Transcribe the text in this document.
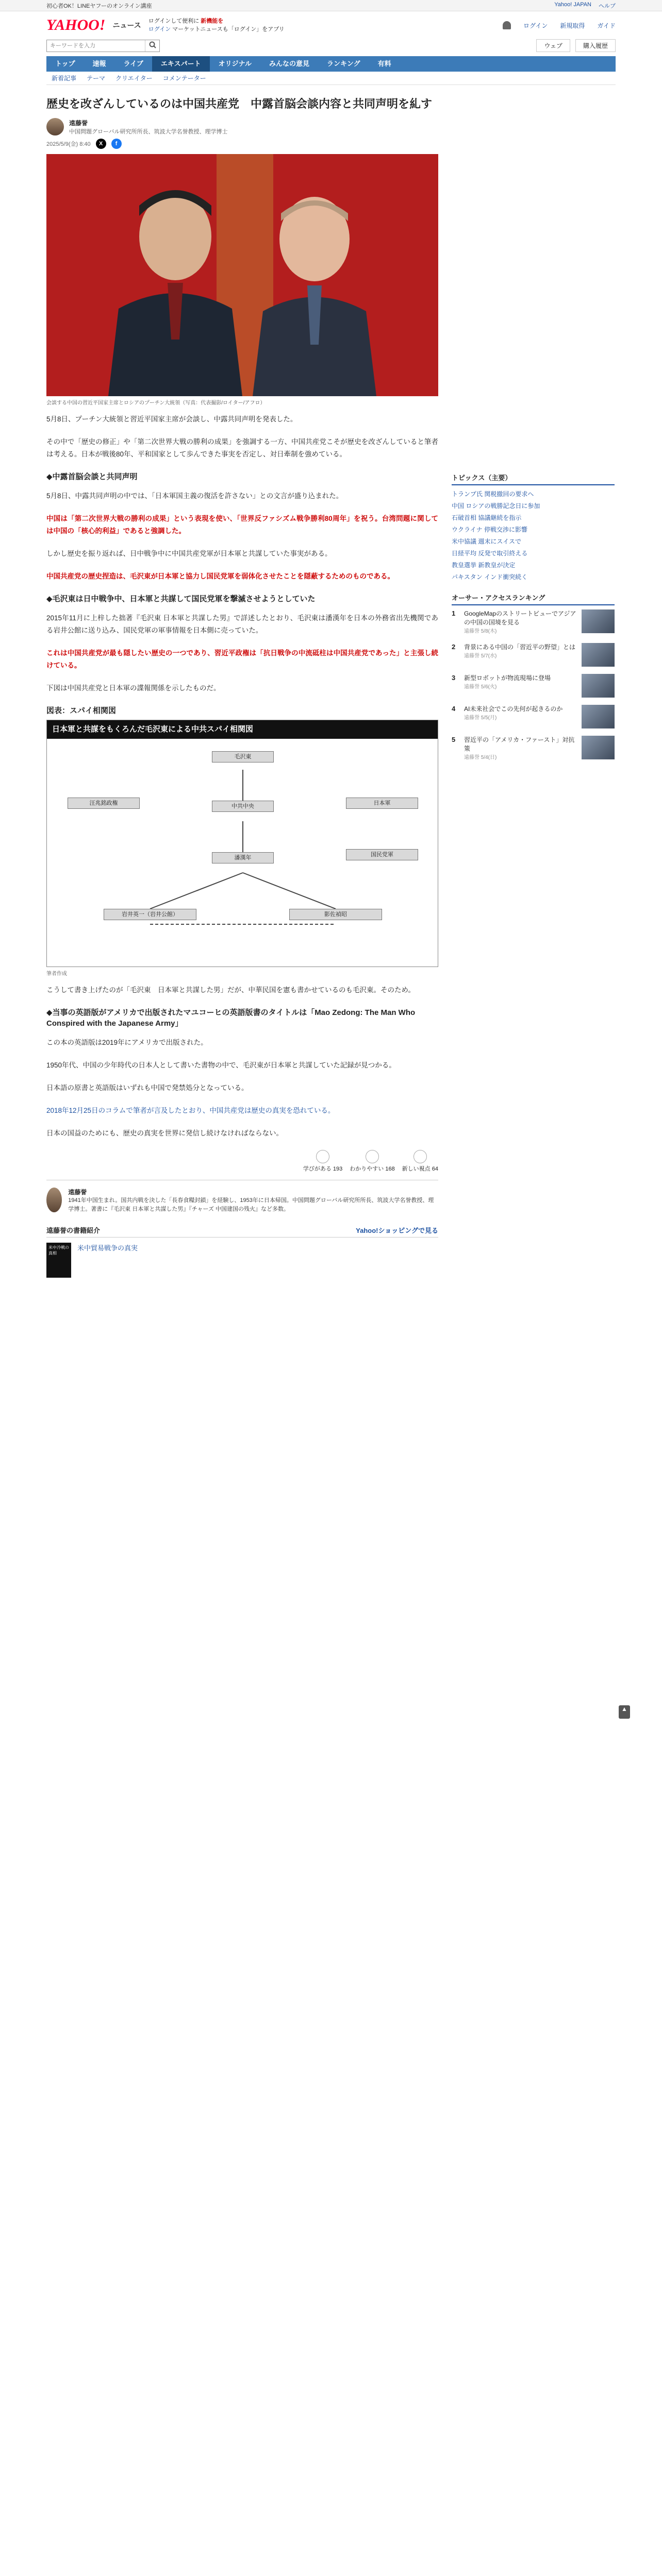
初心者OK！LINEヤフーのオンライン講座	Yahoo! JAPAN ヘルプ
YAHOO! ニュース ログインして便利に 新機能を
ログイン マーケットニュースも「ログイン」をアプリ
ログイン 新規取得 ガイド
キーワードを入力
ウェブ	購入履歴
トップ	速報	ライブ	エキスパート	オリジナル	みんなの意見	ランキング	有料
新着記事 テーマ クリエイター コメンテーター
歴史を改ざんしているのは中国共産党　中露首脳会談内容と共同声明を糺す
遠藤誉
中国問題グローバル研究所所長、筑波大学名誉教授、理学博士
2025/5/9(金) 8:40	X	f
会談する中国の習近平国家主席とロシアのプーチン大統領（写真：代表撮影/ロイター/アフロ）

5月8日、プーチン大統領と習近平国家主席が会談し、中露共同声明を発表した。

その中で「歴史の修正」や「第二次世界大戦の勝利の成果」を強調する一方、中国共産党こそが歴史を改ざんしていると筆者は考える。日本が戦後80年、平和国家として歩んできた事実を否定し、対日牽制を強めている。

◆中露首脳会談と共同声明

5月8日、中露共同声明の中では、「日本軍国主義の復活を許さない」との文言が盛り込まれた。

中国は「第二次世界大戦の勝利の成果」という表現を使い、「世界反ファシズム戦争勝利80周年」を祝う。台湾問題に関しては中国の「核心的利益」であると強調した。

しかし歴史を振り返れば、日中戦争中に中国共産党軍が日本軍と共謀していた事実がある。

中国共産党の歴史捏造は、毛沢東が日本軍と協力し国民党軍を弱体化させたことを隠蔽するためのものである。

◆毛沢東は日中戦争中、日本軍と共謀して国民党軍を撃滅させようとしていた

2015年11月に上梓した拙著『毛沢東 日本軍と共謀した男』で詳述したとおり、毛沢東は潘漢年を日本の外務省出先機関である岩井公館に送り込み、国民党軍の軍事情報を日本側に売っていた。

これは中国共産党が最も隠したい歴史の一つであり、習近平政権は「抗日戦争の中流砥柱は中国共産党であった」と主張し続けている。

下図は中国共産党と日本軍の諜報関係を示したものだ。

図表：スパイ相関図
日本軍と共謀をもくろんだ毛沢東による中共スパイ相関図
毛沢東
中共中央
潘漢年
岩井英一（岩井公館）	影佐禎昭
汪兆銘政権	日本軍
国民党軍
筆者作成

こうして書き上げたのが「毛沢東　日本軍と共謀した男」だが、中華民国を憲も書かせているのも毛沢東。そのため。

◆当事の英語版がアメリカで出版されたマユコーヒの英語版書のタイトルは「Mao Zedong: The Man Who Conspired with the Japanese Army」

この本の英語版は2019年にアメリカで出版された。

1950年代、中国の少年時代の日本人として書いた書物の中で、毛沢東が日本軍と共謀していた記録が見つかる。

日本語の原書と英語版はいずれも中国で発禁処分となっている。

2018年12月25日のコラムで筆者が言及したとおり、中国共産党は歴史の真実を恐れている。

日本の国益のためにも、歴史の真実を世界に発信し続けなければならない。

学びがある 193 わかりやすい 168 新しい視点 64
遠藤誉
1941年中国生まれ。国共内戦を決した「長春食糧封鎖」を経験し、1953年に日本帰国。中国問題グローバル研究所所長、筑波大学名誉教授、理学博士。著書に『毛沢東 日本軍と共謀した男』『チャーズ 中国建国の残火』など多数。
遠藤誉の書籍紹介	Yahoo!ショッピングで見る
米中冷戦の真相
米中貿易戦争の真実
トピックス（主要）
トランプ氏 関税撤回の要求へ
中国 ロシアの戦勝記念日に参加
石破首相 協議継続を指示
ウクライナ 停戦交渉に影響
米中協議 週末にスイスで
日経平均 反発で取引終える
教皇選挙 新教皇が決定
パキスタン インド衝突続く
オーサー・アクセスランキング
1	GoogleMapのストリートビューでアジアの中国の国境を見る
遠藤誉 5/8(木)
2	背景にある中国の「習近平の野望」とは
遠藤誉 5/7(水)
3	新型ロボットが物流現場に登場
遠藤誉 5/6(火)
4	AI未来社会でこの先何が起きるのか
遠藤誉 5/5(月)
5	習近平の「アメリカ・ファースト」対抗策
遠藤誉 5/4(日)
▲
